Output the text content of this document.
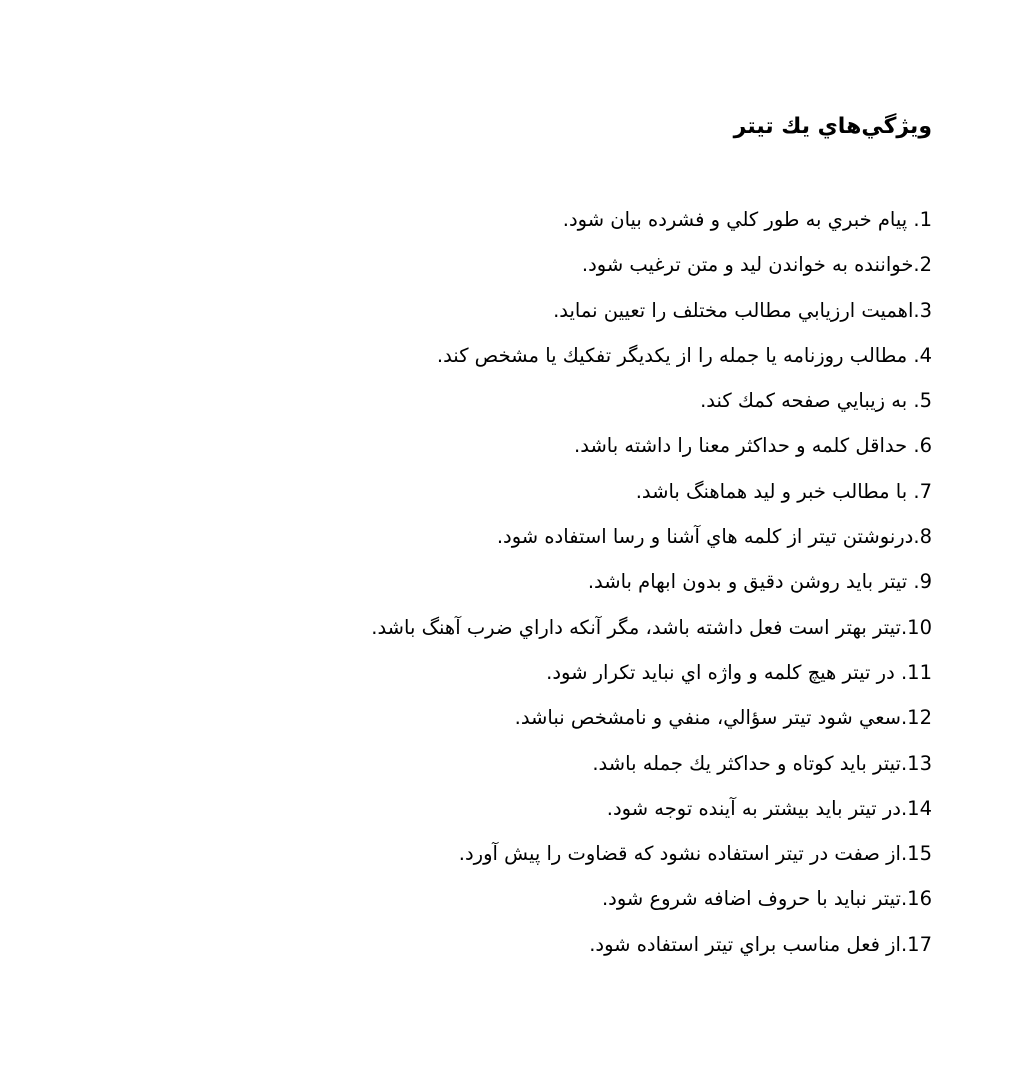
ويژگي‌هاي يك تيتر
1. پيام خبري به طور كلي و فشرده بيان شود.
2.خواننده به خواندن ليد و متن ترغيب شود.
3.اهميت ارزيابي مطالب مختلف را تعيين نمايد.
4. مطالب روزنامه يا جمله را از يكديگر تفكيك يا مشخص كند.
5. به زيبايي صفحه كمك كند.
6. حداقل كلمه و حداكثر معنا را داشته باشد.
7. با مطالب خبر و ليد هماهنگ باشد.
8.درنوشتن تيتر از كلمه هاي آشنا و رسا استفاده شود.
9. تيتر بايد روشن دقيق و بدون ابهام باشد.
10.تيتر بهتر است فعل داشته باشد، مگر آنكه داراي ضرب آهنگ باشد.
11. در تيتر هيچ كلمه و واژه اي نبايد تكرار شود.
12.سعي شود تيتر سؤالي، منفي و نامشخص نباشد.
13.تيتر بايد كوتاه و حداكثر يك جمله باشد.
14.در تيتر بايد بيشتر به آينده توجه شود.
15.از صفت در تيتر استفاده نشود كه قضاوت را پيش آورد.
16.تيتر نبايد با حروف اضافه شروع شود.
17.از فعل مناسب براي تيتر استفاده شود.
